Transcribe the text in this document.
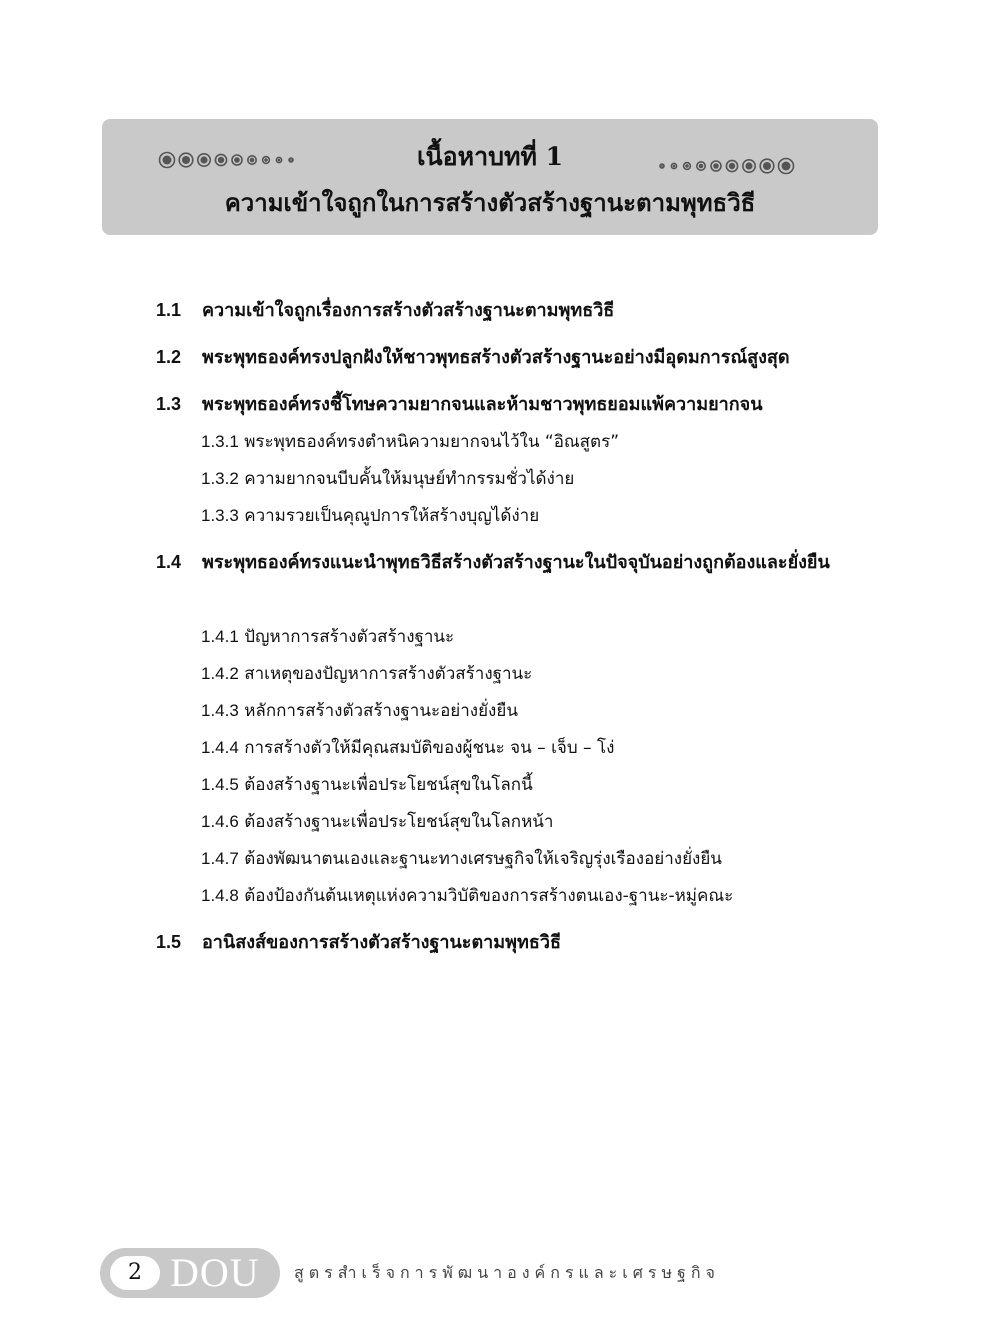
เนื้อหาบทที่ 1
ความเข้าใจถูกในการสร้างตัวสร้างฐานะตามพุทธวิธี
1.1	ความเข้าใจถูกเรื่องการสร้างตัวสร้างฐานะตามพุทธวิธี
1.2	พระพุทธองค์ทรงปลูกฝังให้ชาวพุทธสร้างตัวสร้างฐานะอย่างมีอุดมการณ์สูงสุด
1.3	พระพุทธองค์ทรงชี้โทษความยากจนและห้ามชาวพุทธยอมแพ้ความยากจน
1.3.1 พระพุทธองค์ทรงตำหนิความยากจนไว้ใน “อิณสูตร”
1.3.2 ความยากจนบีบคั้นให้มนุษย์ทำกรรมชั่วได้ง่าย
1.3.3 ความรวยเป็นคุณูปการให้สร้างบุญได้ง่าย
1.4	พระพุทธองค์ทรงแนะนำพุทธวิธีสร้างตัวสร้างฐานะในปัจจุบันอย่างถูกต้องและยั่งยืน
1.4.1 ปัญหาการสร้างตัวสร้างฐานะ
1.4.2 สาเหตุของปัญหาการสร้างตัวสร้างฐานะ
1.4.3 หลักการสร้างตัวสร้างฐานะอย่างยั่งยืน
1.4.4 การสร้างตัวให้มีคุณสมบัติของผู้ชนะ จน – เจ็บ – โง่
1.4.5 ต้องสร้างฐานะเพื่อประโยชน์สุขในโลกนี้
1.4.6 ต้องสร้างฐานะเพื่อประโยชน์สุขในโลกหน้า
1.4.7 ต้องพัฒนาตนเองและฐานะทางเศรษฐกิจให้เจริญรุ่งเรืองอย่างยั่งยืน
1.4.8 ต้องป้องกันต้นเหตุแห่งความวิบัติของการสร้างตนเอง-ฐานะ-หมู่คณะ
1.5	อานิสงส์ของการสร้างตัวสร้างฐานะตามพุทธวิธี
2 DOU สูตรสำเร็จการพัฒนาองค์กรและเศรษฐกิจ
